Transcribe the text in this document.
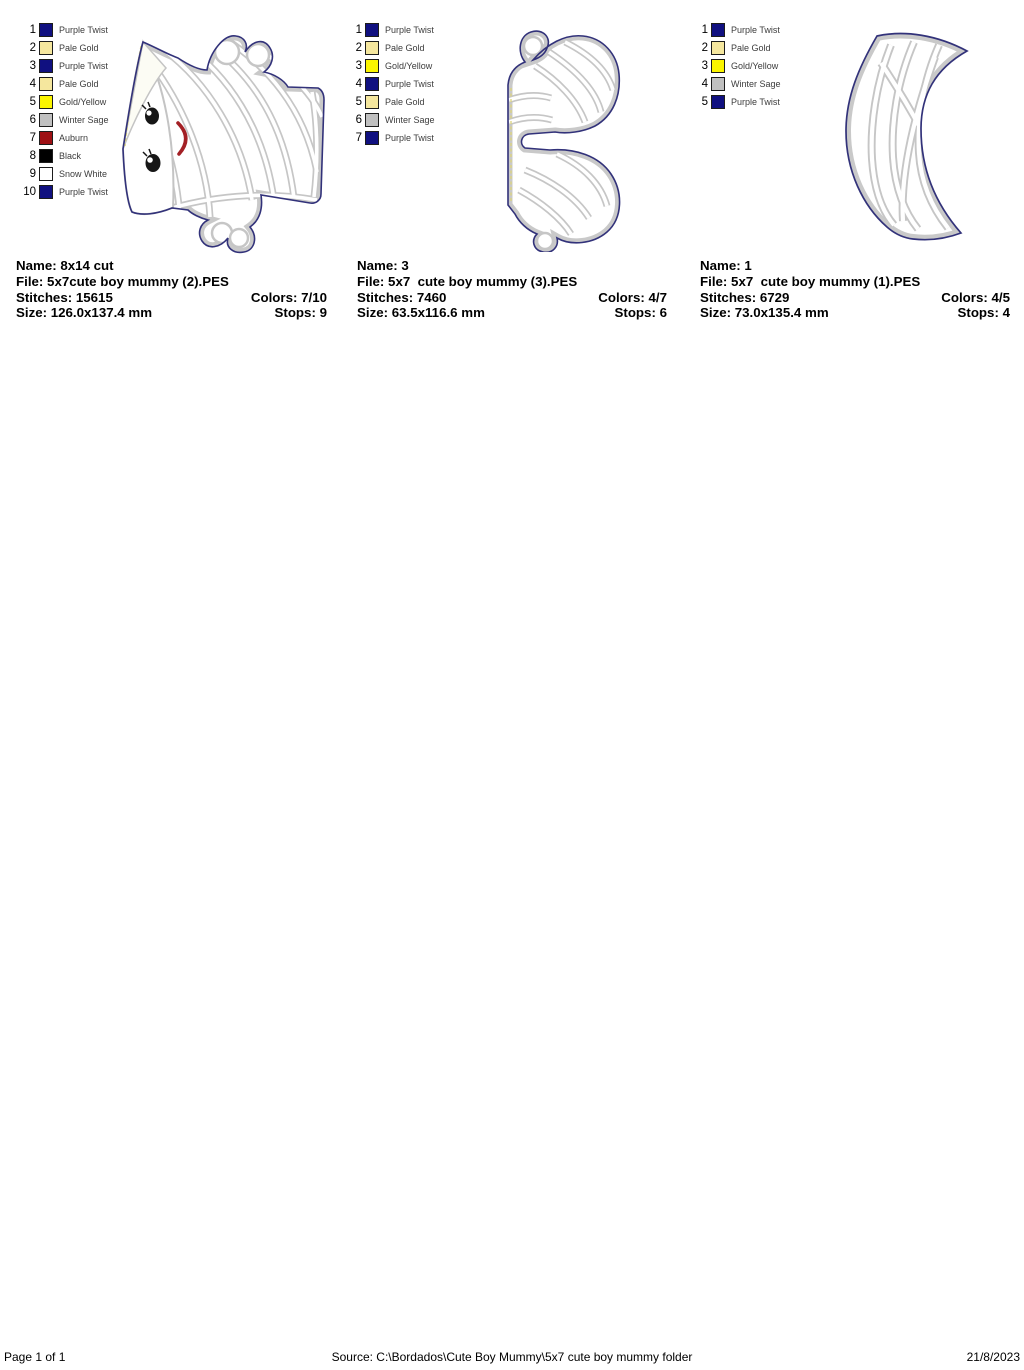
1	Purple Twist
2	Pale Gold
3	Purple Twist
4	Pale Gold
5	Gold/Yellow
6	Winter Sage
7	Auburn
8	Black
9	Snow White
10	Purple Twist
1	Purple Twist
2	Pale Gold
3	Gold/Yellow
4	Purple Twist
5	Pale Gold
6	Winter Sage
7	Purple Twist
1	Purple Twist
2	Pale Gold
3	Gold/Yellow
4	Winter Sage
5	Purple Twist
Name: 8x14 cut
File: 5x7cute boy mummy (2).PES
Stitches: 15615	Colors: 7/10
Size: 126.0x137.4 mm	Stops: 9
Name: 3
File: 5x7  cute boy mummy (3).PES
Stitches: 7460	Colors: 4/7
Size: 63.5x116.6 mm	Stops: 6
Name: 1
File: 5x7  cute boy mummy (1).PES
Stitches: 6729	Colors: 4/5
Size: 73.0x135.4 mm	Stops: 4
Page 1 of 1	Source: C:\Bordados\Cute Boy Mummy\5x7 cute boy mummy folder	21/8/2023
